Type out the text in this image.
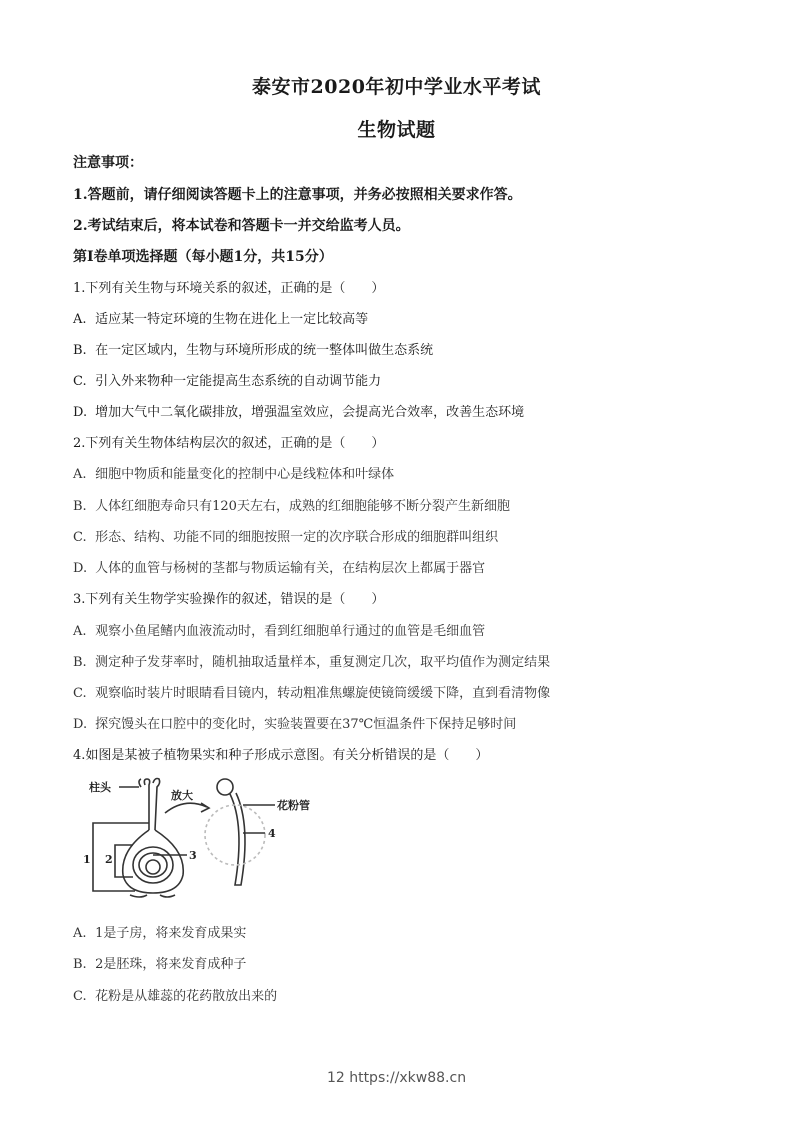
泰安市2020年初中学业水平考试
生物试题
注意事项：
1.答题前，请仔细阅读答题卡上的注意事项，并务必按照相关要求作答。
2.考试结束后，将本试卷和答题卡一并交给监考人员。
第Ⅰ卷单项选择题（每小题1分，共15分）
1.下列有关生物与环境关系的叙述，正确的是（　　）
A. 适应某一特定环境的生物在进化上一定比较高等
B. 在一定区域内，生物与环境所形成的统一整体叫做生态系统
C. 引入外来物种一定能提高生态系统的自动调节能力
D. 增加大气中二氧化碳排放，增强温室效应，会提高光合效率，改善生态环境
2.下列有关生物体结构层次的叙述，正确的是（　　）
A. 细胞中物质和能量变化的控制中心是线粒体和叶绿体
B. 人体红细胞寿命只有120天左右，成熟的红细胞能够不断分裂产生新细胞
C. 形态、结构、功能不同的细胞按照一定的次序联合形成的细胞群叫组织
D. 人体的血管与杨树的茎都与物质运输有关，在结构层次上都属于器官
3.下列有关生物学实验操作的叙述，错误的是（　　）
A. 观察小鱼尾鳍内血液流动时，看到红细胞单行通过的血管是毛细血管
B. 测定种子发芽率时，随机抽取适量样本，重复测定几次，取平均值作为测定结果
C. 观察临时装片时眼睛看目镜内，转动粗准焦螺旋使镜筒缓缓下降，直到看清物像
D. 探究馒头在口腔中的变化时，实验装置要在37℃恒温条件下保持足够时间
4.如图是某被子植物果实和种子形成示意图。有关分析错误的是（　　）
柱头
放大
花粉管
1 2	3
4
A. 1是子房，将来发育成果实
B. 2是胚珠，将来发育成种子
C. 花粉是从雄蕊的花药散放出来的
12 https://xkw88.cn
